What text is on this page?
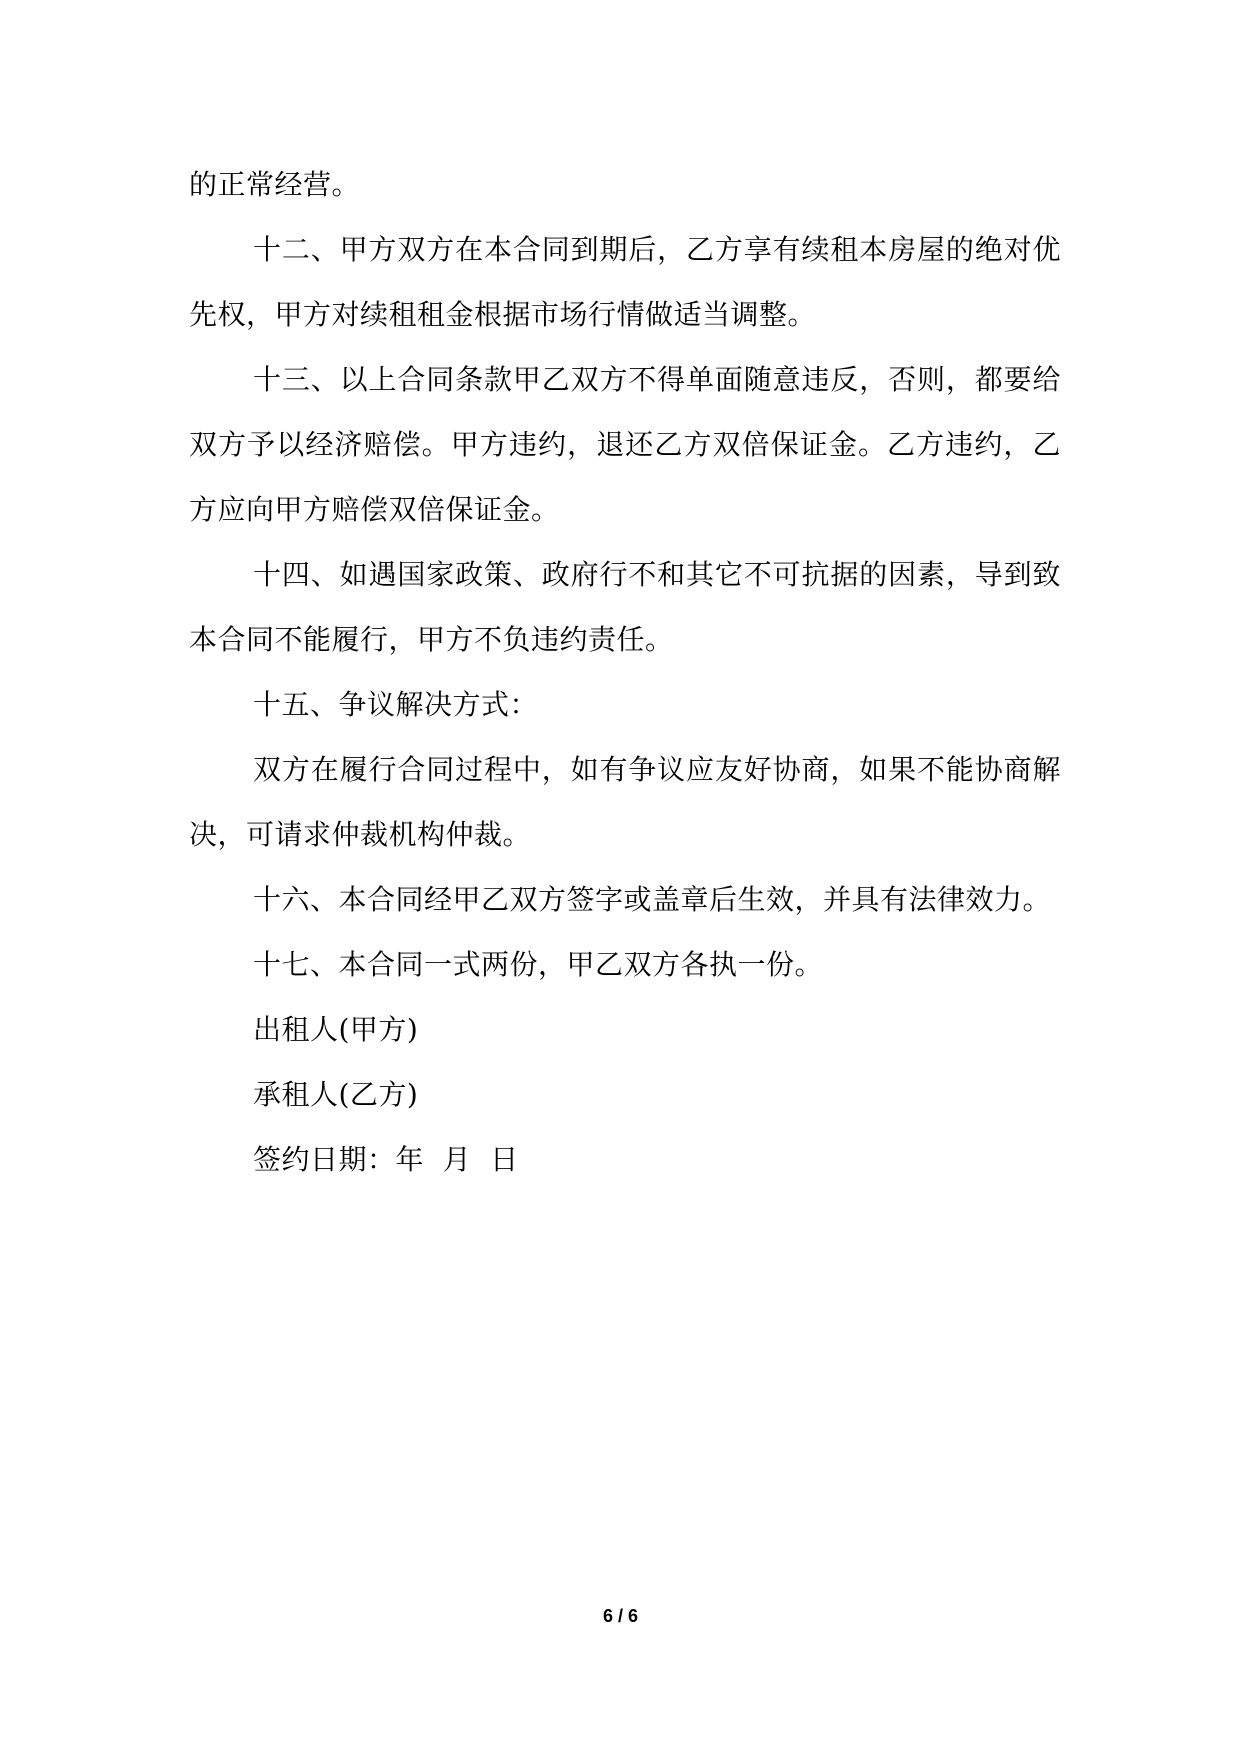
的正常经营。

十二、甲方双方在本合同到期后，乙方享有续租本房屋的绝对优先权，甲方对续租租金根据市场行情做适当调整。

十三、以上合同条款甲乙双方不得单面随意违反，否则，都要给双方予以经济赔偿。甲方违约，退还乙方双倍保证金。乙方违约，乙方应向甲方赔偿双倍保证金。

十四、如遇国家政策、政府行不和其它不可抗据的因素，导到致本合同不能履行，甲方不负违约责任。

十五、争议解决方式：

双方在履行合同过程中，如有争议应友好协商，如果不能协商解决，可请求仲裁机构仲裁。

十六、本合同经甲乙双方签字或盖章后生效，并具有法律效力。

十七、本合同一式两份，甲乙双方各执一份。

出租人(甲方)

承租人(乙方)

签约日期：年  月  日

6 / 6
